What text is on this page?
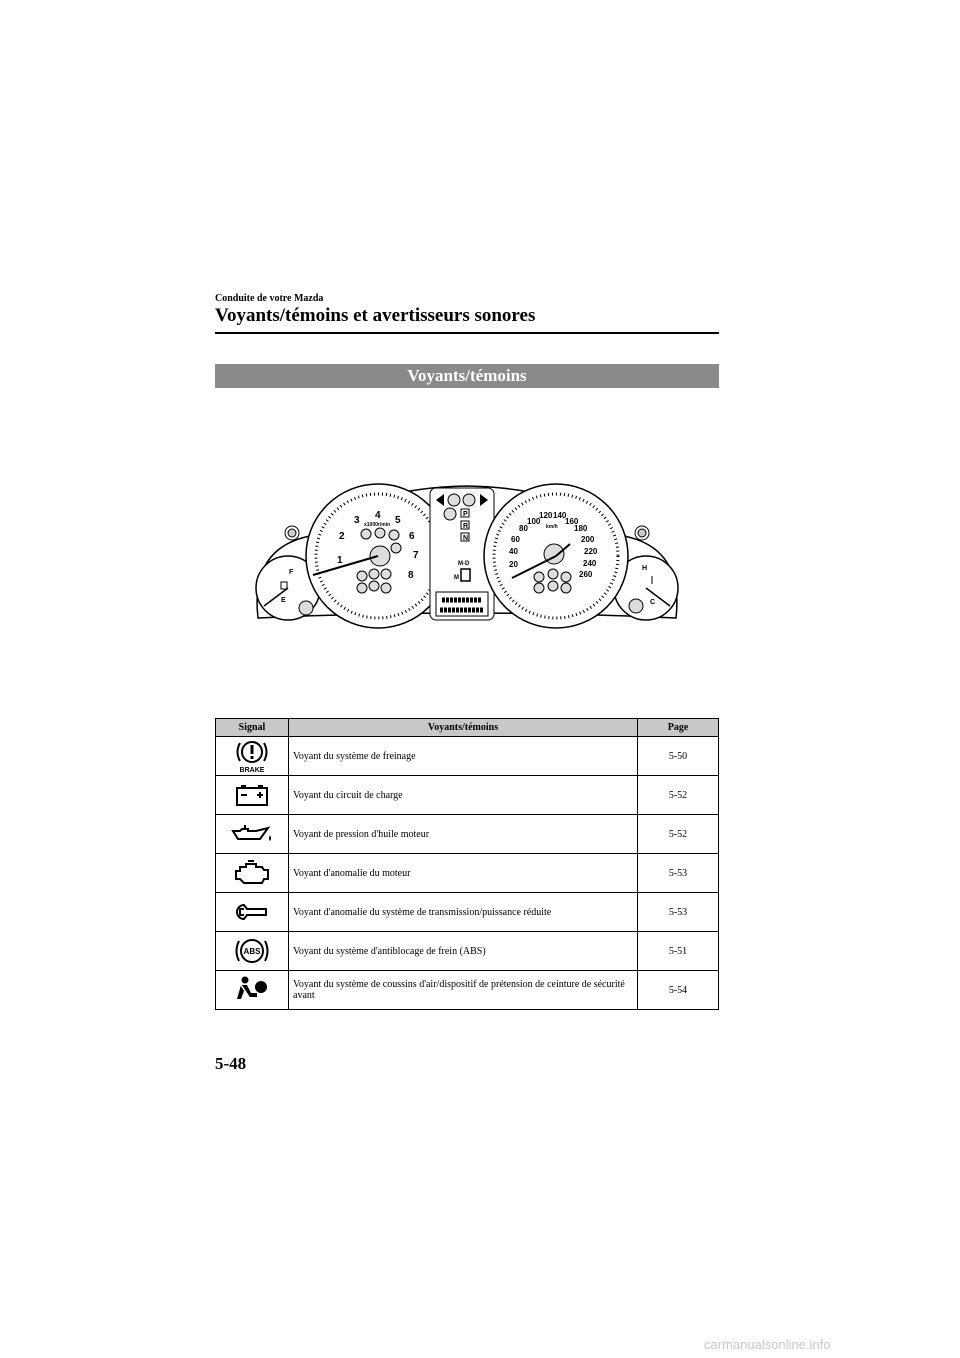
Conduite de votre Mazda
Voyants/témoins et avertisseurs sonores
Voyants/témoins
F
E
H
C
1
2
3 4 5
6
7
8
x1000r/min
P
R
N
M-D
M
20
40
60
80
100
120 140
160
180
200
220
240
260
km/h
Signal	Voyants/témoins	Page

BRAKE	Voyant du système de freinage	5-50

	Voyant du circuit de charge	5-52

	Voyant de pression d'huile moteur	5-52

	Voyant d'anomalie du moteur	5-53

	Voyant d'anomalie du système de transmission/puissance réduite	5-53

ABS	Voyant du système d'antiblocage de frein (ABS)	5-51

	Voyant du système de coussins d'air/dispositif de prétension de ceinture de sécurité avant	5-54
5-48
carmanualsonline.info
